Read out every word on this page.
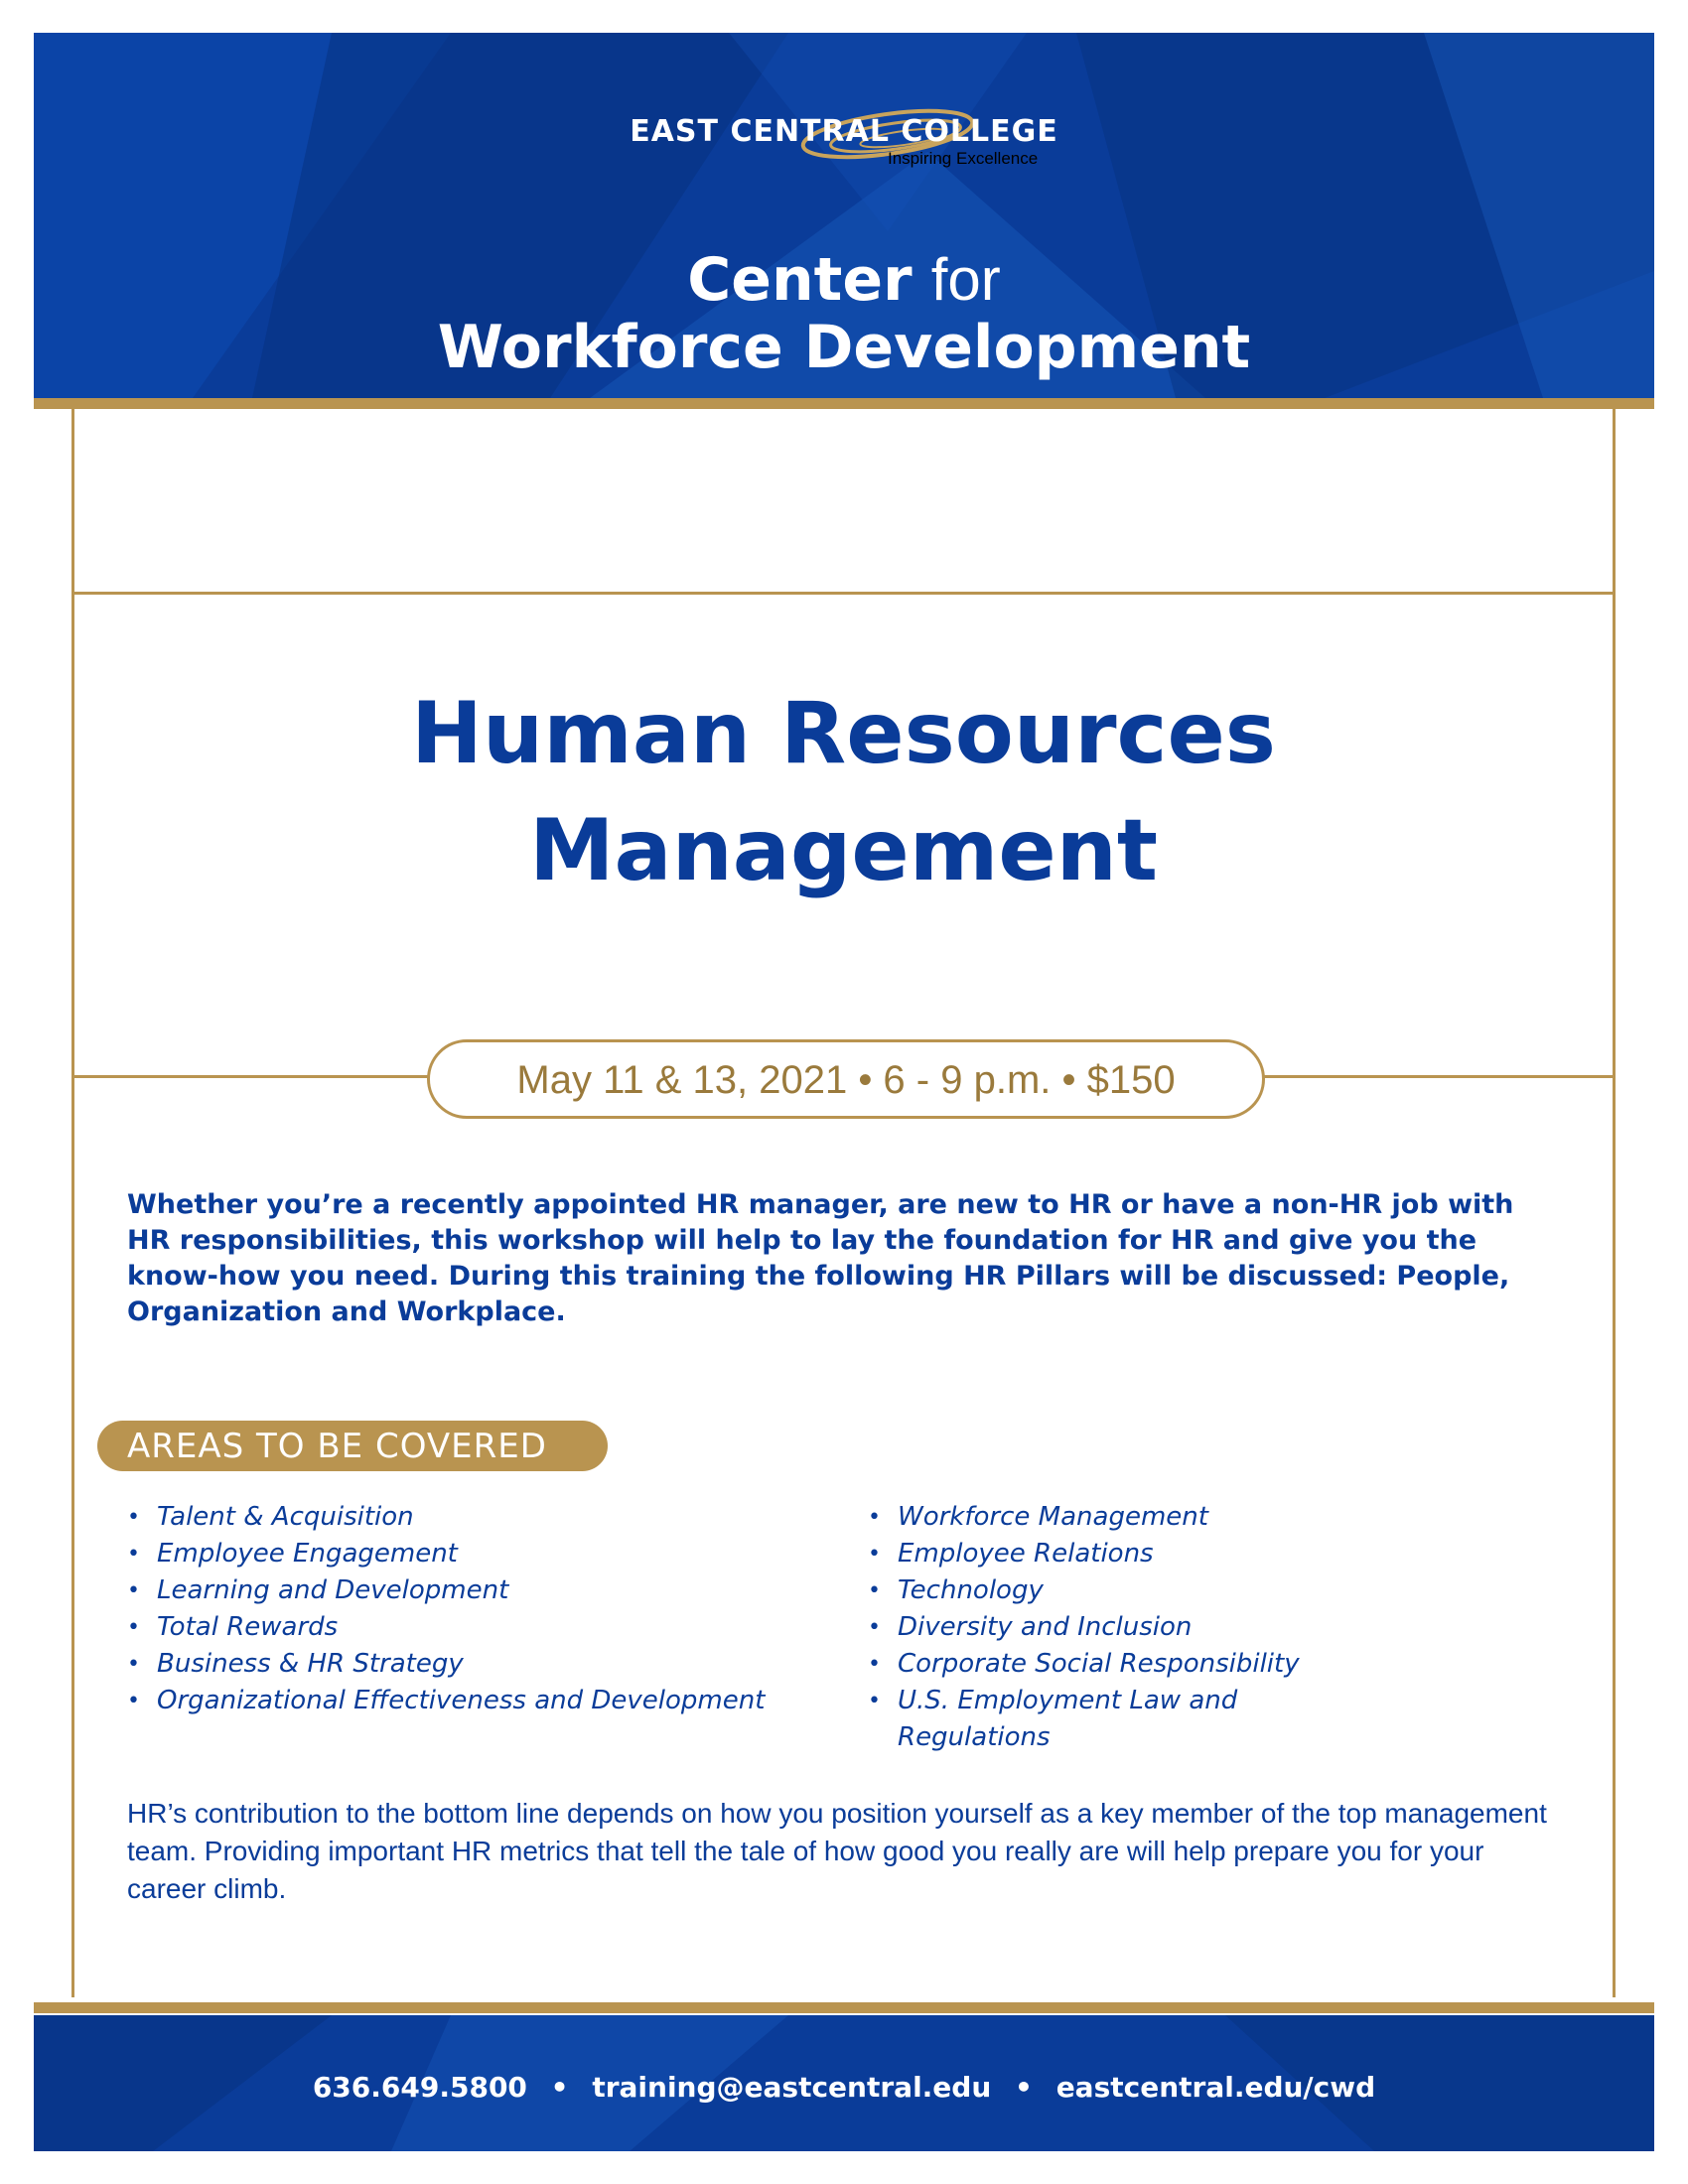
EAST CENTRAL COLLEGE
Inspiring Excellence
Center for
Workforce Development
Human Resources
Management
May 11 & 13, 2021 • 6 - 9 p.m. • $150
Whether you’re a recently appointed HR manager, are new to HR or have a non-HR job with HR responsibilities, this workshop will help to lay the foundation for HR and give you the know-how you need. During this training the following HR Pillars will be discussed: People, Organization and Workplace.
AREAS TO BE COVERED
• Talent & Acquisition
• Employee Engagement
• Learning and Development
• Total Rewards
• Business & HR Strategy
• Organizational Effectiveness and Development
• Workforce Management
• Employee Relations
• Technology
• Diversity and Inclusion
• Corporate Social Responsibility
• U.S. Employment Law and Regulations
HR’s contribution to the bottom line depends on how you position yourself as a key member of the top management team. Providing important HR metrics that tell the tale of how good you really are will help prepare you for your career climb.
636.649.5800 • training@eastcentral.edu • eastcentral.edu/cwd
